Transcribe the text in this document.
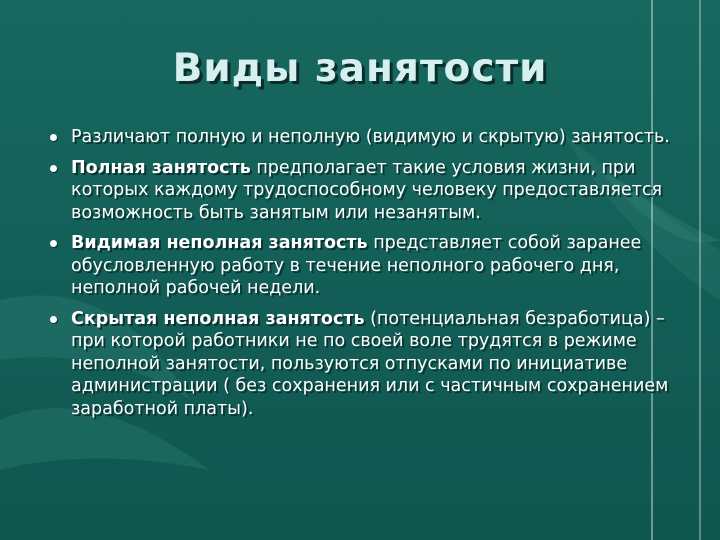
Виды занятости
Различают полную и неполную (видимую и скрытую) занятость.
Полная занятость предполагает такие условия жизни, при которых каждому трудоспособному человеку предоставляется возможность быть занятым или незанятым.
Видимая неполная занятость представляет собой заранее обусловленную работу в течение неполного рабочего дня, неполной рабочей недели.
Скрытая неполная занятость (потенциальная безработица) –при которой работники не по своей воле трудятся в режиме неполной занятости, пользуются отпусками по инициативе администрации ( без сохранения или с частичным сохранением заработной платы).
